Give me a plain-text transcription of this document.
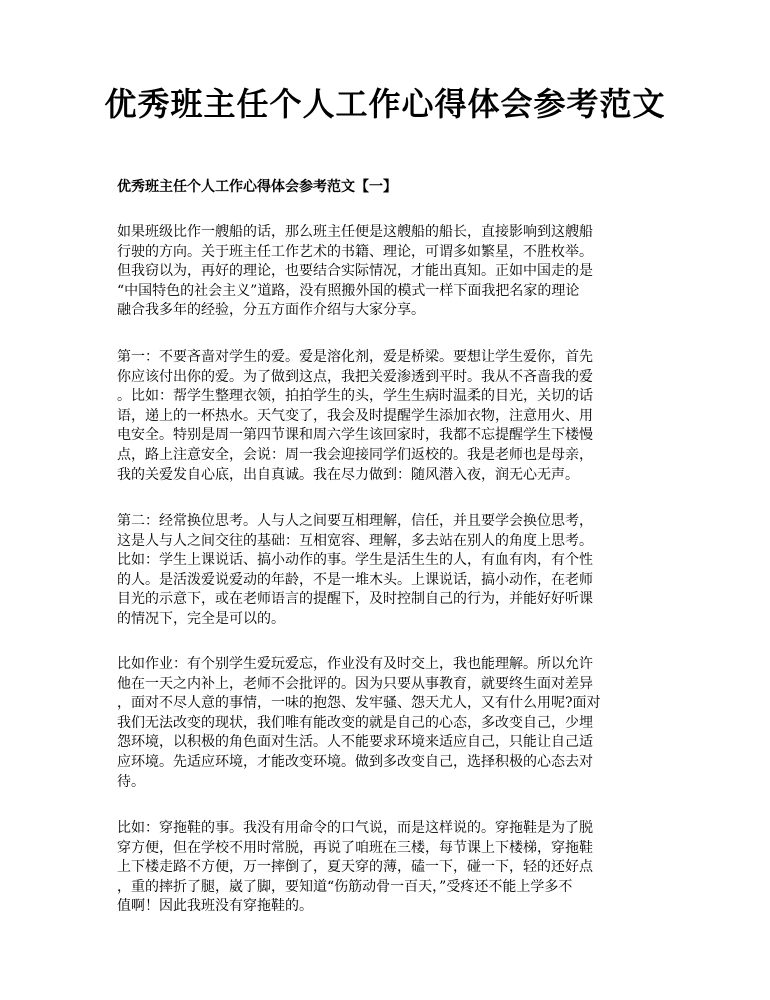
优秀班主任个人工作心得体会参考范文
优秀班主任个人工作心得体会参考范文【一】
如果班级比作一艘船的话，那么班主任便是这艘船的船长，直接影响到这艘船
行驶的方向。关于班主任工作艺术的书籍、理论，可谓多如繁星，不胜枚举。
但我窃以为，再好的理论，也要结合实际情况，才能出真知。正如中国走的是
“中国特色的社会主义”道路，没有照搬外国的模式一样下面我把名家的理论
融合我多年的经验，分五方面作介绍与大家分享。
第一：不要吝啬对学生的爱。爱是溶化剂，爱是桥梁。要想让学生爱你，首先
你应该付出你的爱。为了做到这点，我把关爱渗透到平时。我从不吝啬我的爱
。比如：帮学生整理衣领，拍拍学生的头，学生生病时温柔的目光，关切的话
语，递上的一杯热水。天气变了，我会及时提醒学生添加衣物，注意用火、用
电安全。特别是周一第四节课和周六学生该回家时，我都不忘提醒学生下楼慢
点，路上注意安全，会说：周一我会迎接同学们返校的。我是老师也是母亲，
我的关爱发自心底，出自真诚。我在尽力做到：随风潜入夜，润无心无声。
第二：经常换位思考。人与人之间要互相理解，信任，并且要学会换位思考，
这是人与人之间交往的基础：互相宽容、理解，多去站在别人的角度上思考。
比如：学生上课说话、搞小动作的事。学生是活生生的人，有血有肉，有个性
的人。是活泼爱说爱动的年龄，不是一堆木头。上课说话，搞小动作，在老师
目光的示意下，或在老师语言的提醒下，及时控制自己的行为，并能好好听课
的情况下，完全是可以的。
比如作业：有个别学生爱玩爱忘，作业没有及时交上，我也能理解。所以允许
他在一天之内补上，老师不会批评的。因为只要从事教育，就要终生面对差异
，面对不尽人意的事情，一味的抱怨、发牢骚、怨天尤人，又有什么用呢?面对
我们无法改变的现状，我们唯有能改变的就是自己的心态，多改变自己，少埋
怨环境，以积极的角色面对生活。人不能要求环境来适应自己，只能让自己适
应环境。先适应环境，才能改变环境。做到多改变自己，选择积极的心态去对
待。
比如：穿拖鞋的事。我没有用命令的口气说，而是这样说的。穿拖鞋是为了脱
穿方便，但在学校不用时常脱，再说了咱班在三楼，每节课上下楼梯，穿拖鞋
上下楼走路不方便，万一摔倒了，夏天穿的薄，磕一下，碰一下，轻的还好点
，重的摔折了腿，崴了脚，要知道“伤筋动骨一百天，”受疼还不能上学多不
值啊！因此我班没有穿拖鞋的。
